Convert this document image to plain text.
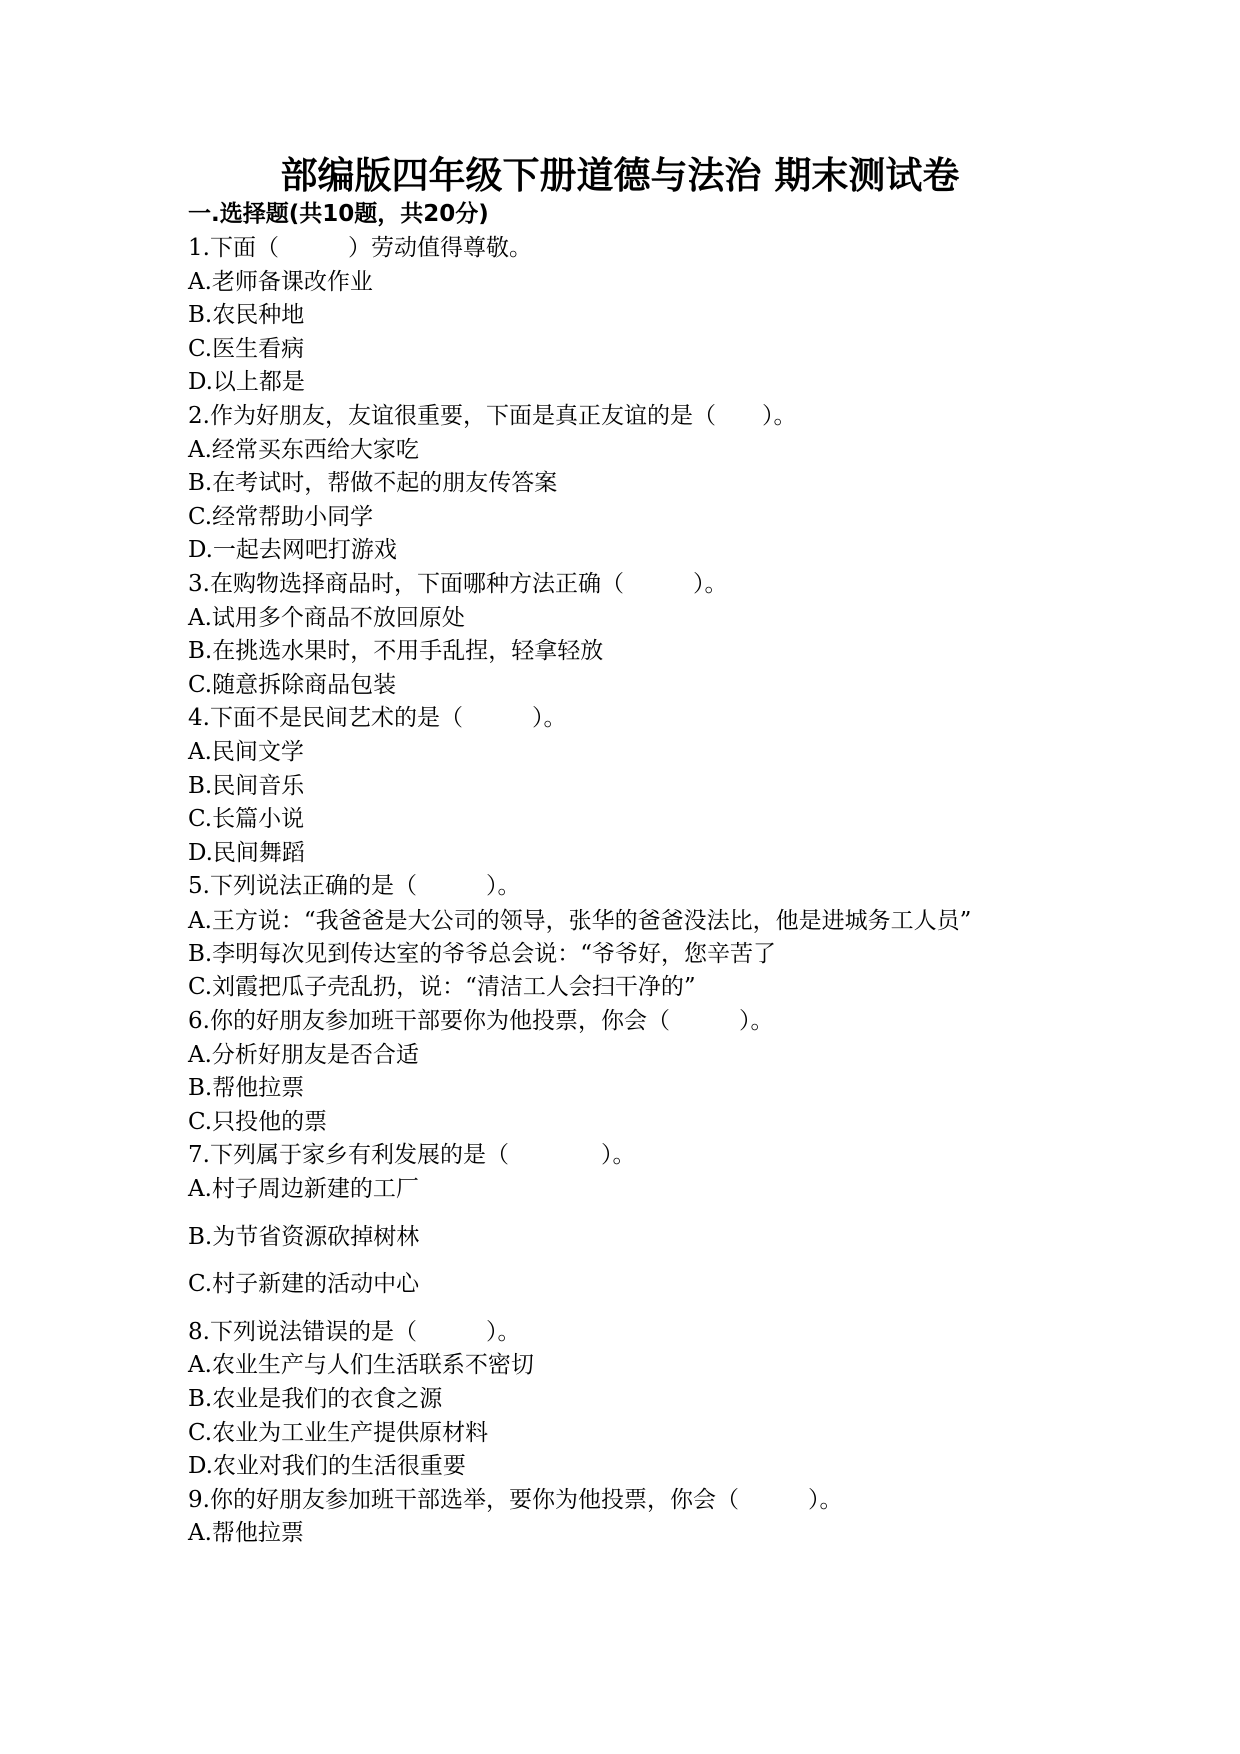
部编版四年级下册道德与法治 期末测试卷
一.选择题(共10题，共20分)
1.下面（　　　）劳动值得尊敬。
A.老师备课改作业
B.农民种地
C.医生看病
D.以上都是
2.作为好朋友，友谊很重要，下面是真正友谊的是（　　）。
A.经常买东西给大家吃
B.在考试时，帮做不起的朋友传答案
C.经常帮助小同学
D.一起去网吧打游戏
3.在购物选择商品时，下面哪种方法正确（　　　）。
A.试用多个商品不放回原处
B.在挑选水果时，不用手乱捏，轻拿轻放
C.随意拆除商品包装
4.下面不是民间艺术的是（　　　）。
A.民间文学
B.民间音乐
C.长篇小说
D.民间舞蹈
5.下列说法正确的是（　　　）。
A.王方说：“我爸爸是大公司的领导，张华的爸爸没法比，他是进城务工人员”
B.李明每次见到传达室的爷爷总会说：“爷爷好，您辛苦了
C.刘霞把瓜子壳乱扔，说：“清洁工人会扫干净的”
6.你的好朋友参加班干部要你为他投票，你会（　　　）。
A.分析好朋友是否合适
B.帮他拉票
C.只投他的票
7.下列属于家乡有利发展的是（　　　　）。
A.村子周边新建的工厂
B.为节省资源砍掉树林
C.村子新建的活动中心
8.下列说法错误的是（　　　）。
A.农业生产与人们生活联系不密切
B.农业是我们的衣食之源
C.农业为工业生产提供原材料
D.农业对我们的生活很重要
9.你的好朋友参加班干部选举，要你为他投票，你会（　　　）。
A.帮他拉票
